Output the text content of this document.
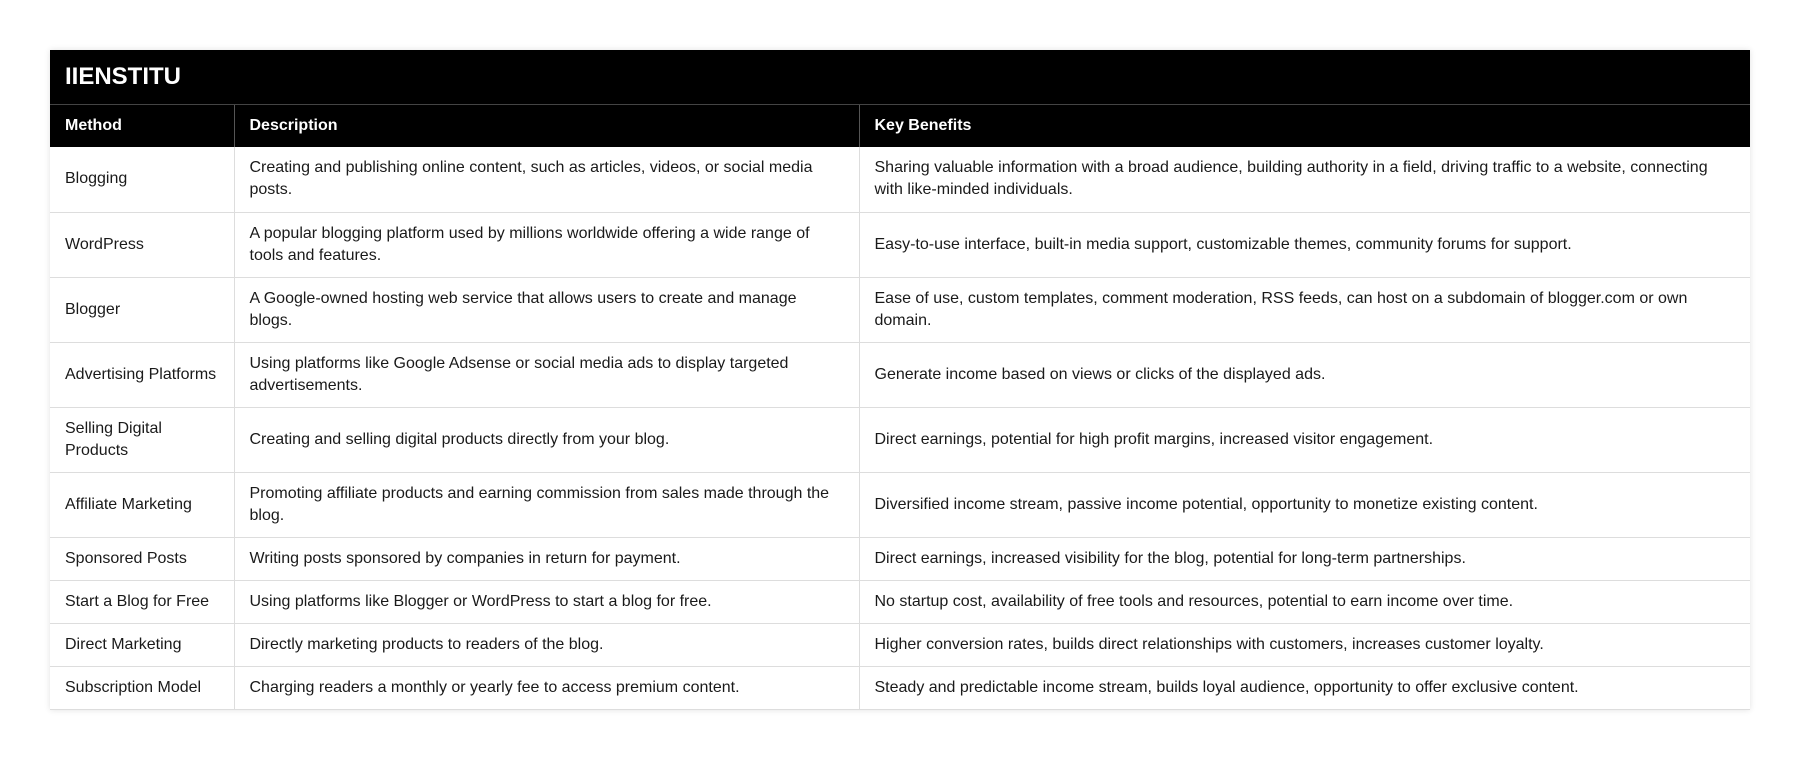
IIENSTITU
Method	Description	Key Benefits
Blogging	Creating and publishing online content, such as articles, videos, or social media posts.	Sharing valuable information with a broad audience, building authority in a field, driving traffic to a website, connecting with like-minded individuals.
WordPress	A popular blogging platform used by millions worldwide offering a wide range of tools and features.	Easy-to-use interface, built-in media support, customizable themes, community forums for support.
Blogger	A Google-owned hosting web service that allows users to create and manage blogs.	Ease of use, custom templates, comment moderation, RSS feeds, can host on a subdomain of blogger.com or own domain.
Advertising Platforms	Using platforms like Google Adsense or social media ads to display targeted advertisements.	Generate income based on views or clicks of the displayed ads.
Selling Digital Products	Creating and selling digital products directly from your blog.	Direct earnings, potential for high profit margins, increased visitor engagement.
Affiliate Marketing	Promoting affiliate products and earning commission from sales made through the blog.	Diversified income stream, passive income potential, opportunity to monetize existing content.
Sponsored Posts	Writing posts sponsored by companies in return for payment.	Direct earnings, increased visibility for the blog, potential for long-term partnerships.
Start a Blog for Free	Using platforms like Blogger or WordPress to start a blog for free.	No startup cost, availability of free tools and resources, potential to earn income over time.
Direct Marketing	Directly marketing products to readers of the blog.	Higher conversion rates, builds direct relationships with customers, increases customer loyalty.
Subscription Model	Charging readers a monthly or yearly fee to access premium content.	Steady and predictable income stream, builds loyal audience, opportunity to offer exclusive content.
